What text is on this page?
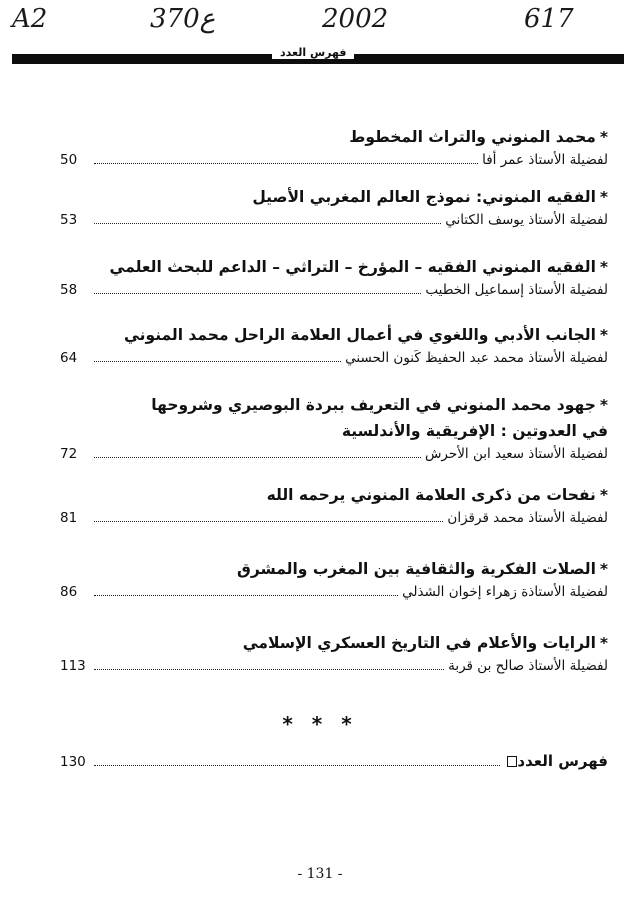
A2	370ع	2002	617
فهرس العدد
*محمد المنوني والتراث المخطوط
50	لفضيلة الأستاذ عمر أفا
*الفقيه المنوني: نموذج العالم المغربي الأصيل
53	لفضيلة الأستاذ يوسف الكتاني
*الفقيه المنوني الفقيه – المؤرخ – التراثي – الداعم للبحث العلمي
58	لفضيلة الأستاذ إسماعيل الخطيب
*الجانب الأدبي واللغوي في أعمال العلامة الراحل محمد المنوني
64	لفضيلة الأستاذ محمد عبد الحفيظ كَنون الحسني
*جهود محمد المنوني في التعريف ببردة البوصيري وشروحها
في العدوتين : الإفريقية والأندلسية
72	لفضيلة الأستاذ سعيد ابن الأحرش
*نفحات من ذكرى العلامة المنوني يرحمه الله
81	لفضيلة الأستاذ محمد قرقزان
*الصلات الفكرية والثقافية بين المغرب والمشرق
86	لفضيلة الأستاذة زهراء إخوان الشذلي
*الرايات والأعلام في التاريخ العسكري الإسلامي
113	لفضيلة الأستاذ صالح بن قربة
* * *
130	فهرس العدد
- 131 -
